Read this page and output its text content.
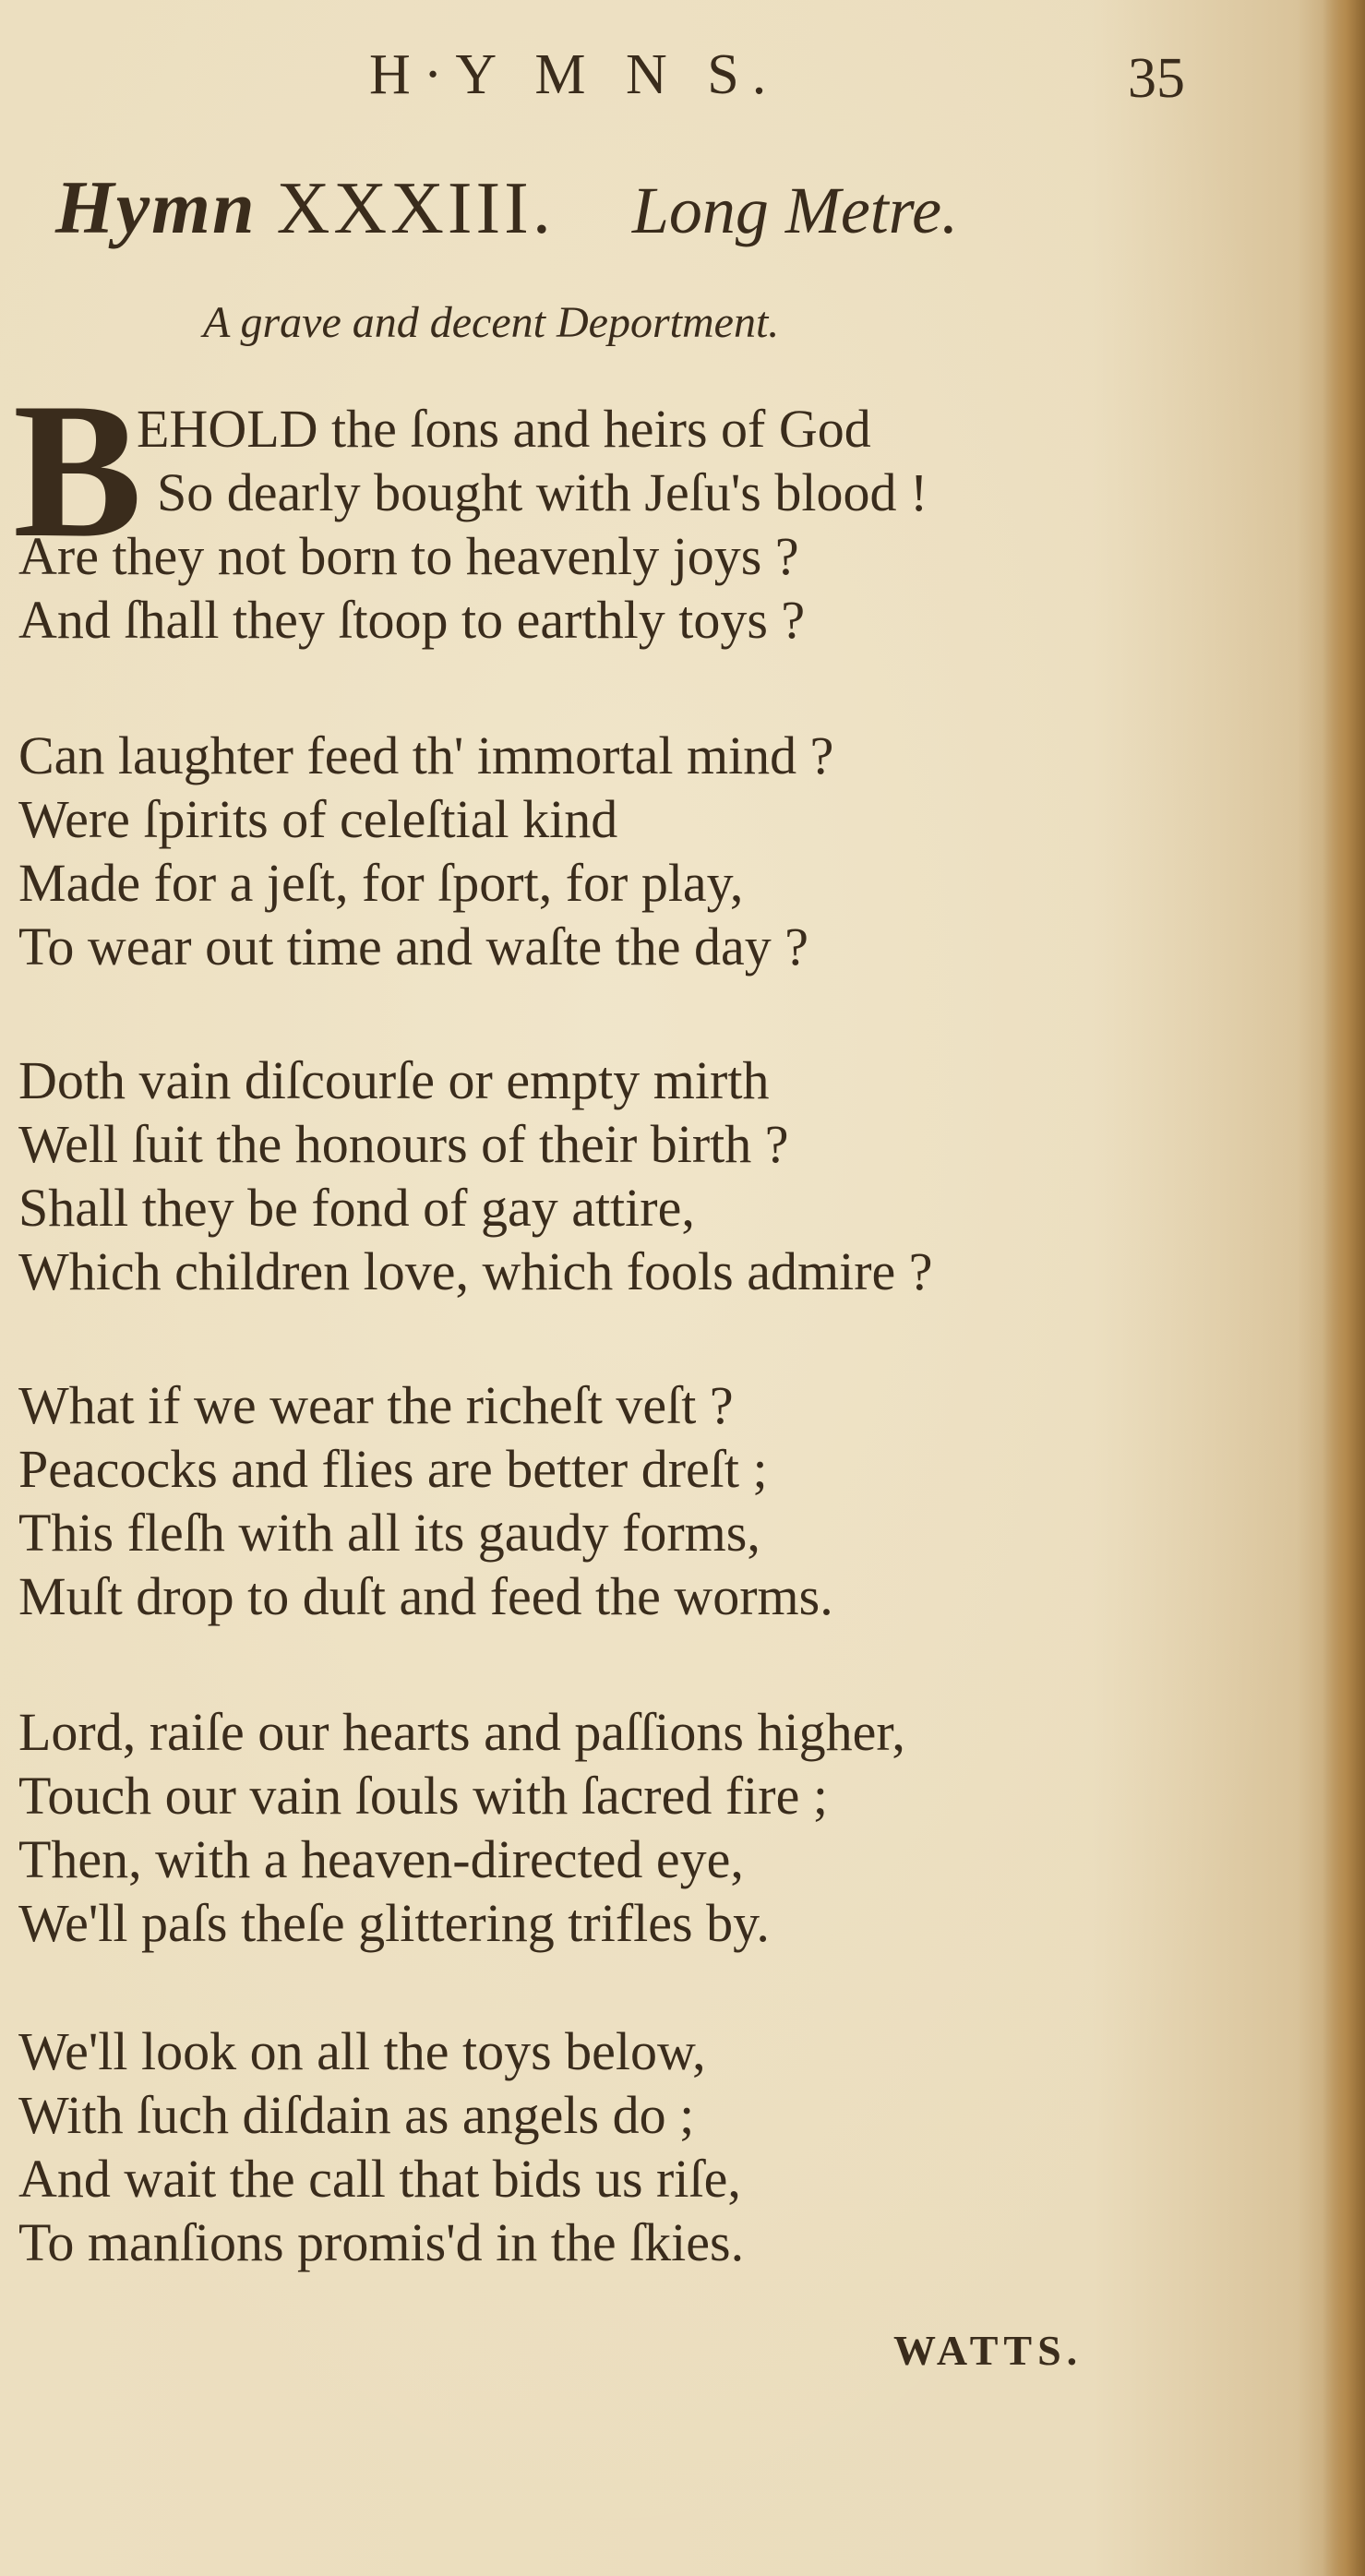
H·Y M N S.	35
Hymn XXXIII. Long Metre.
A grave and decent Deportment.
B
EHOLD the ſons and heirs of God
So dearly bought with Jeſu's blood !
Are they not born to heavenly joys ?
And ſhall they ſtoop to earthly toys ?
Can laughter feed th' immortal mind ?
Were ſpirits of celeſtial kind
Made for a jeſt, for ſport, for play,
To wear out time and waſte the day ?
Doth vain diſcourſe or empty mirth
Well ſuit the honours of their birth ?
Shall they be fond of gay attire,
Which children love, which fools admire ?
What if we wear the richeſt veſt ?
Peacocks and flies are better dreſt ;
This fleſh with all its gaudy forms,
Muſt drop to duſt and feed the worms.
Lord, raiſe our hearts and paſſions higher,
Touch our vain ſouls with ſacred fire ;
Then, with a heaven-directed eye,
We'll paſs theſe glittering trifles by.
We'll look on all the toys below,
With ſuch diſdain as angels do ;
And wait the call that bids us riſe,
To manſions promis'd in the ſkies.
WATTS.
